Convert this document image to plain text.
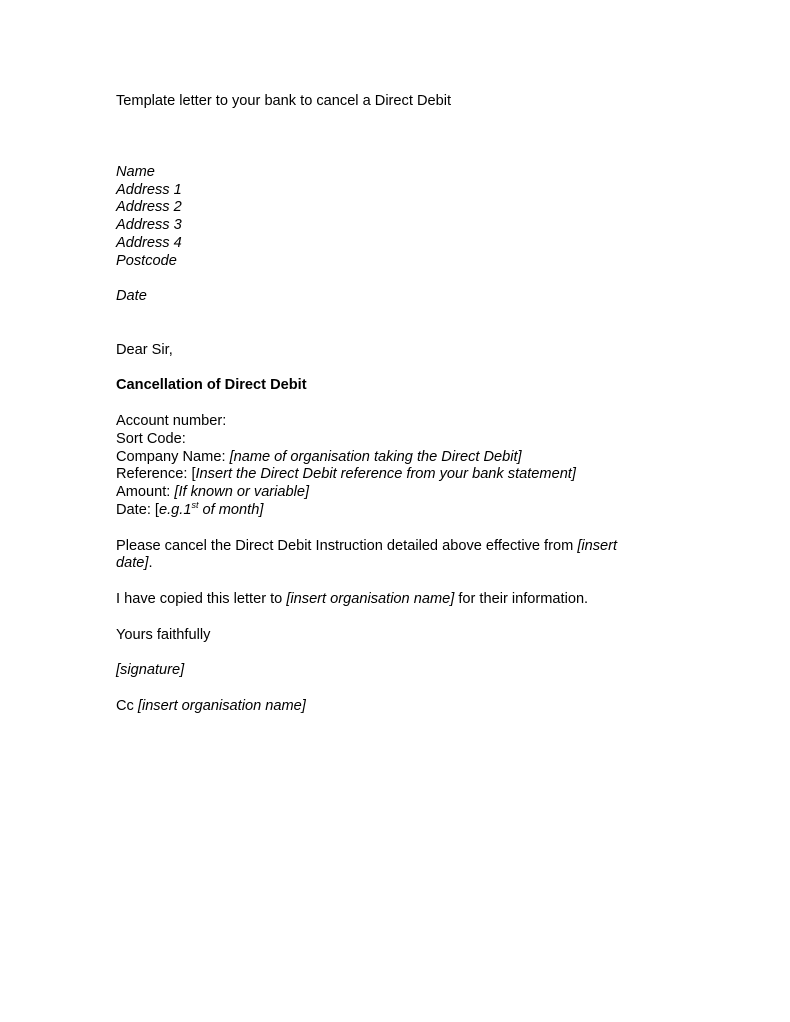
Template letter to your bank to cancel a Direct Debit
Name
Address 1
Address 2
Address 3
Address 4
Postcode
Date
Dear Sir,
Cancellation of Direct Debit
Account number:
Sort Code:
Company Name: [name of organisation taking the Direct Debit]
Reference: [Insert the Direct Debit reference from your bank statement]
Amount: [If known or variable]
Date: [e.g.1st of month]
Please cancel the Direct Debit Instruction detailed above effective from [insert date].
I have copied this letter to [insert organisation name] for their information.
Yours faithfully
[signature]
Cc [insert organisation name]
